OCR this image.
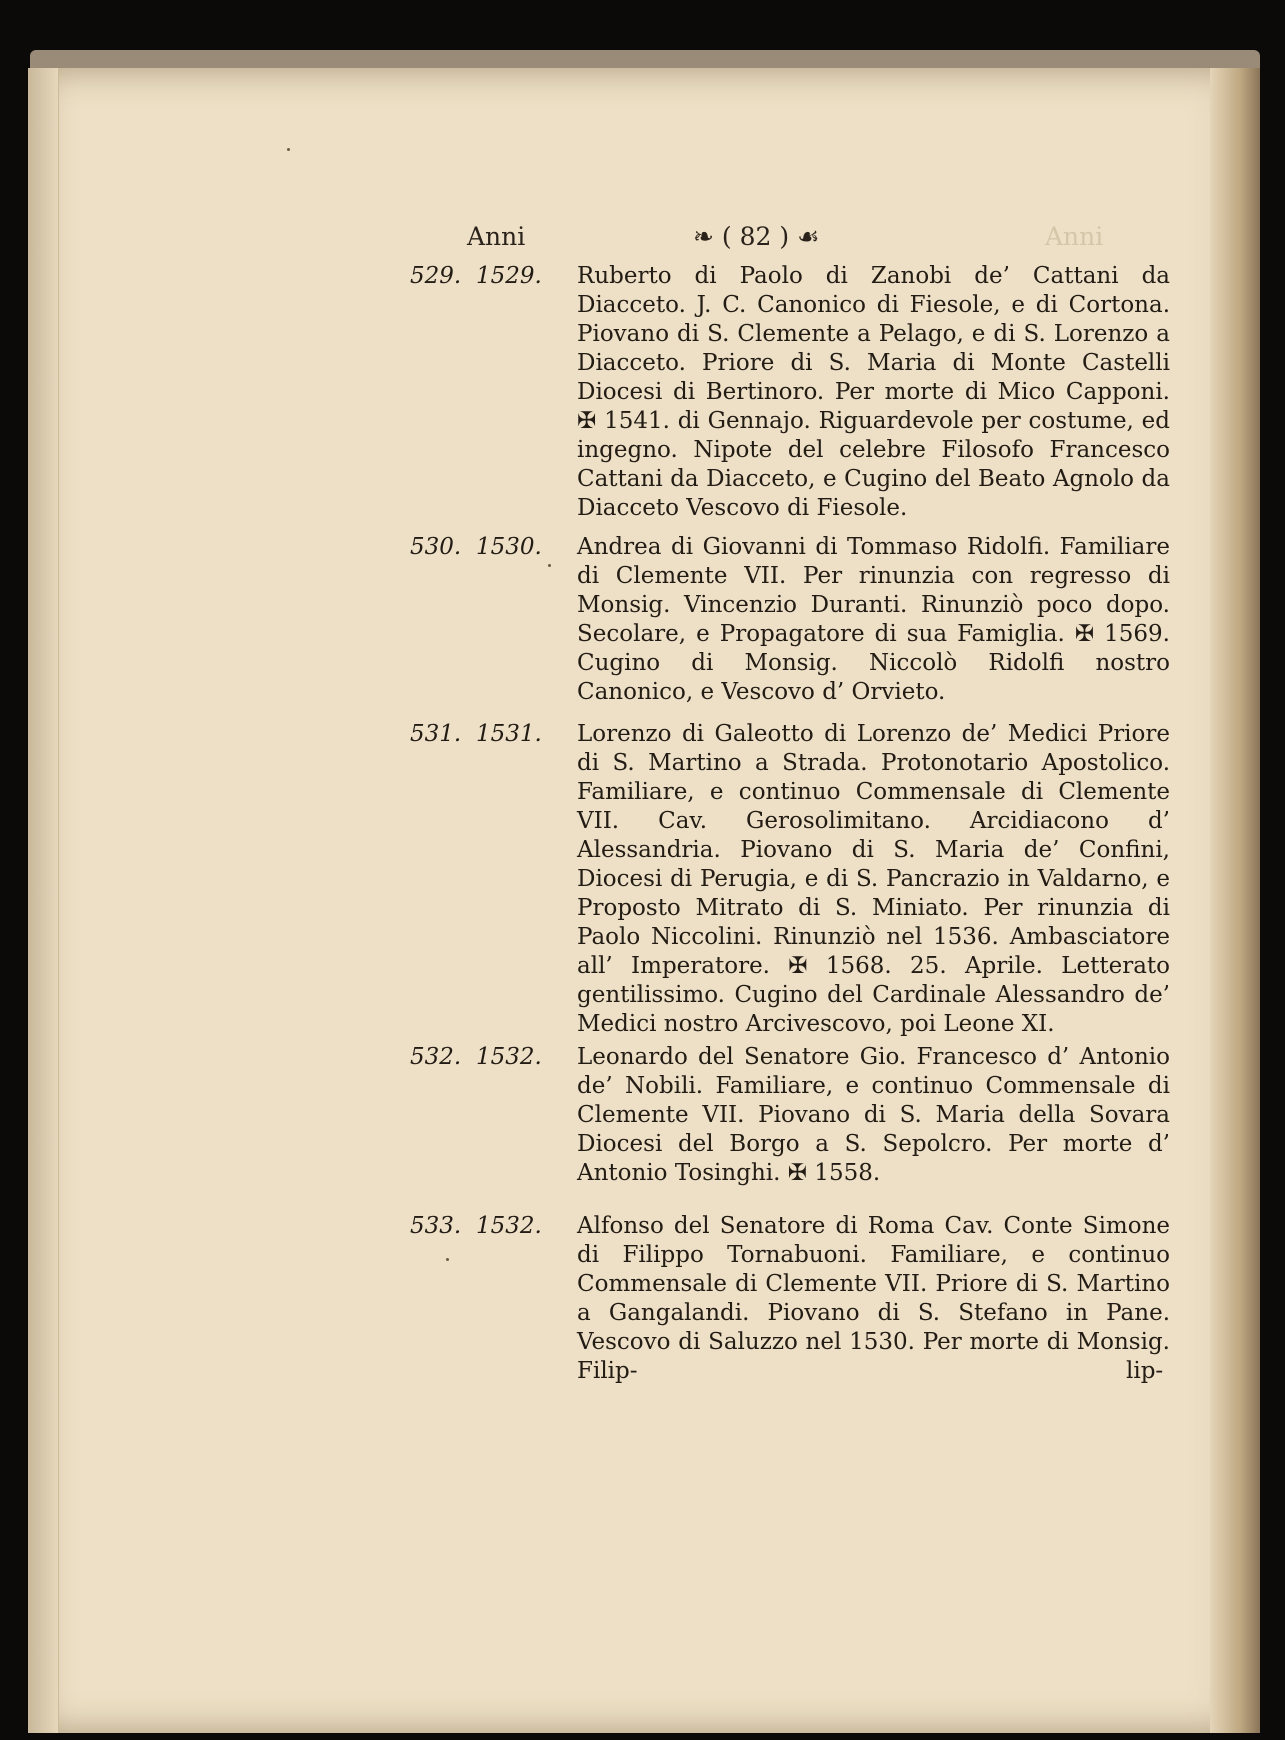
Anni	❧ ( 82 ) ☙	Anni
529. 1529.	Ruberto di Paolo di Zanobi de’ Cattani da Diacceto. J. C. Canonico di Fiesole, e di Cortona. Piovano di S. Clemente a Pelago, e di S. Lorenzo a Diacceto. Priore di S. Maria di Monte Castelli Diocesi di Bertinoro. Per morte di Mico Capponi. ✠ 1541. di Gennajo. Riguardevole per costume, ed ingegno. Nipote del celebre Filosofo Francesco Cattani da Diacceto, e Cugino del Beato Agnolo da Diacceto Vescovo di Fiesole.
530. 1530.	Andrea di Giovanni di Tommaso Ridolfi. Familiare di Clemente VII. Per rinunzia con regresso di Monsig. Vincenzio Duranti. Rinunziò poco dopo. Secolare, e Propagatore di sua Famiglia. ✠ 1569. Cugino di Monsig. Niccolò Ridolfi nostro Canonico, e Vescovo d’ Orvieto.
531. 1531.	Lorenzo di Galeotto di Lorenzo de’ Medici Priore di S. Martino a Strada. Protonotario Apostolico. Familiare, e continuo Commensale di Clemente VII. Cav. Gerosolimitano. Arcidiacono d’ Alessandria. Piovano di S. Maria de’ Confini, Diocesi di Perugia, e di S. Pancrazio in Valdarno, e Proposto Mitrato di S. Miniato. Per rinunzia di Paolo Niccolini. Rinunziò nel 1536. Ambasciatore all’ Imperatore. ✠ 1568. 25. Aprile. Letterato gentilissimo. Cugino del Cardinale Alessandro de’ Medici nostro Arcivescovo, poi Leone XI.
532. 1532.	Leonardo del Senatore Gio. Francesco d’ Antonio de’ Nobili. Familiare, e continuo Commensale di Clemente VII. Piovano di S. Maria della Sovara Diocesi del Borgo a S. Sepolcro. Per morte d’ Antonio Tosinghi. ✠ 1558.
533. 1532.	Alfonso del Senatore di Roma Cav. Conte Simone di Filippo Tornabuoni. Familiare, e continuo Commensale di Clemente VII. Priore di S. Martino a Gangalandi. Piovano di S. Stefano in Pane. Vescovo di Saluzzo nel 1530. Per morte di Monsig. Filip-	lip-
